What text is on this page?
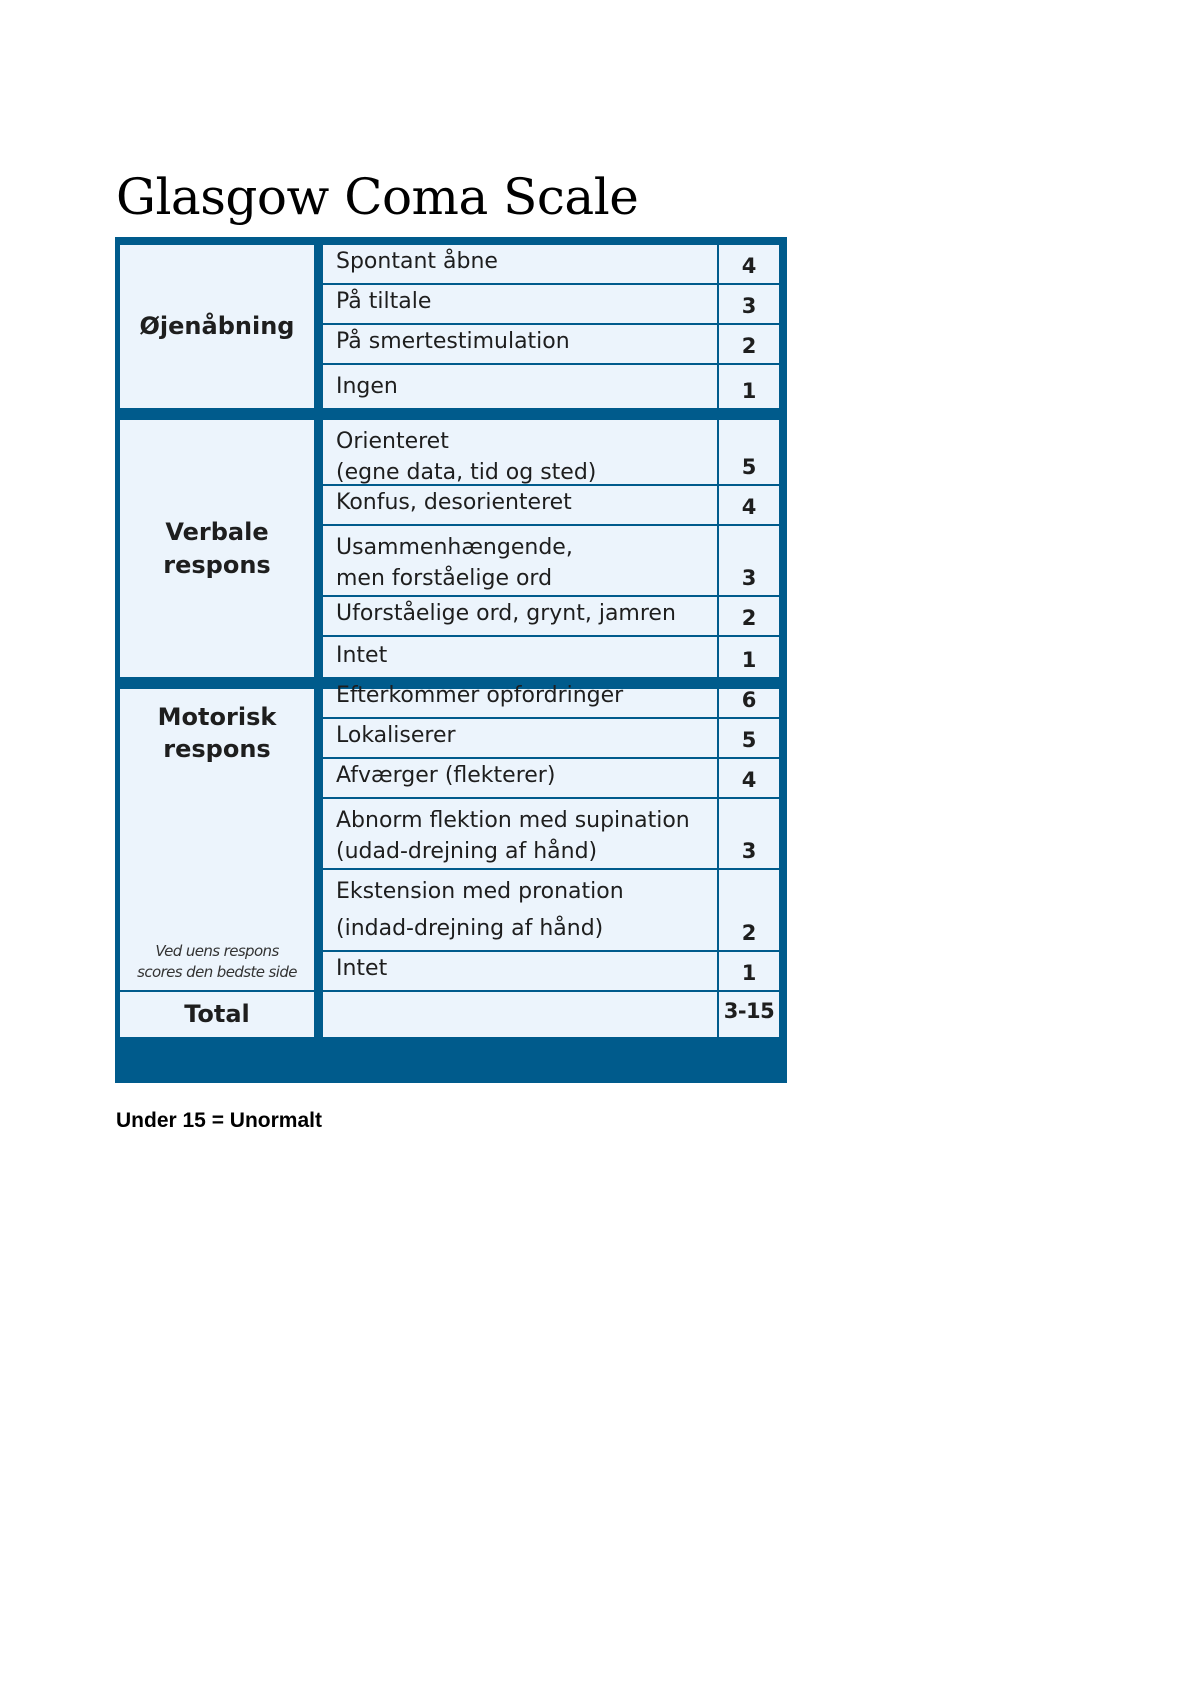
Glasgow Coma Scale
Øjenåbning
Spontant åbne	4
På tiltale	3
På smertestimulation	2
Ingen	1
Verbale
respons
Orienteret
(egne data, tid og sted)	5
Konfus, desorienteret	4
Usammenhængende,
men forståelige ord	3
Uforståelige ord, grynt, jamren	2
Intet	1
Motorisk
respons
Ved uens respons
scores den bedste side
Efterkommer opfordringer	6
Lokaliserer	5
Afværger (flekterer)	4
Abnorm flektion med supination
(udad-drejning af hånd)	3
Ekstension med pronation
(indad-drejning af hånd)	2
Intet	1
Total	3-15

Under 15 = Unormalt
